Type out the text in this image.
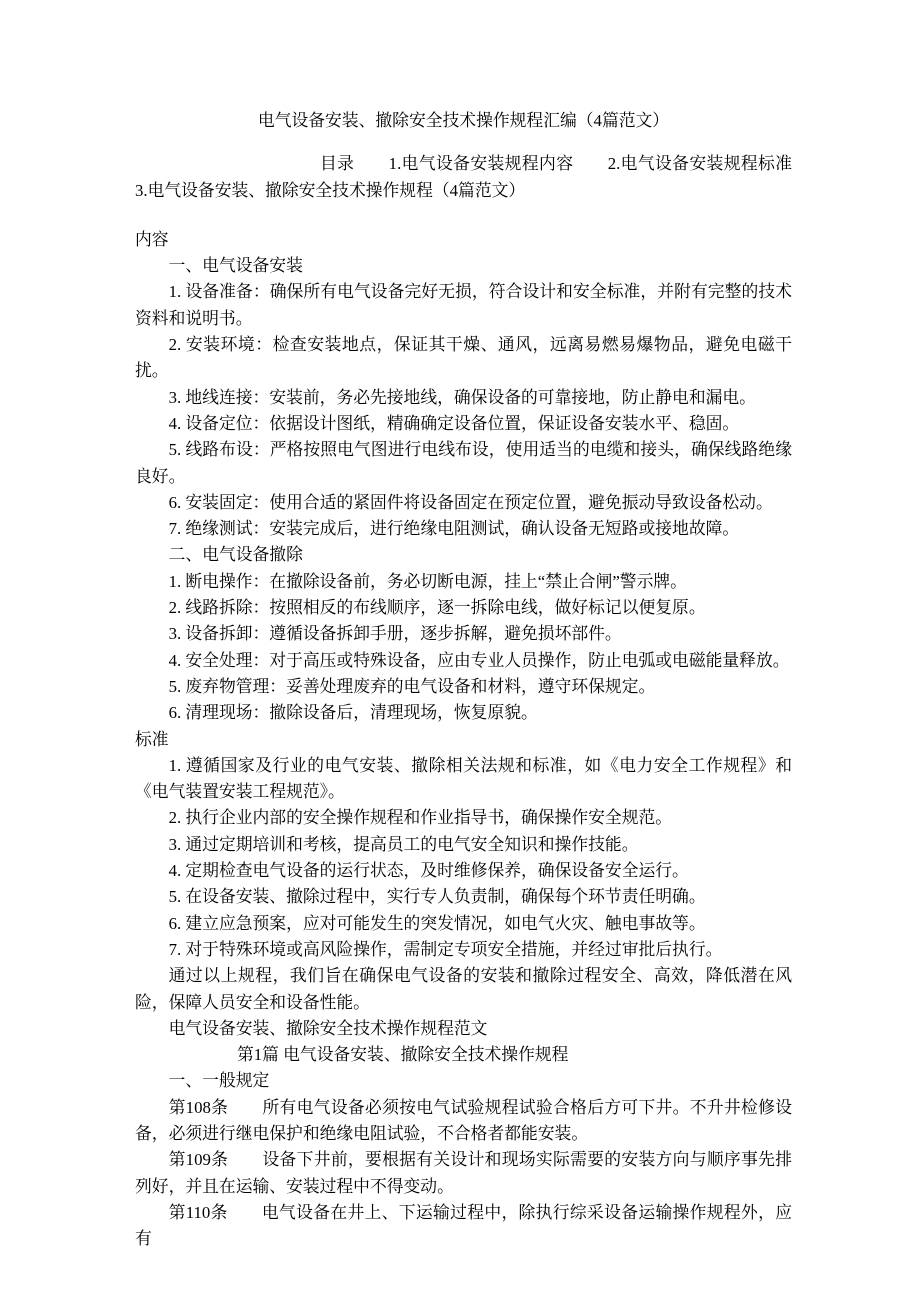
电气设备安装、撤除安全技术操作规程汇编（4篇范文）

目录　　1.电气设备安装规程内容　　2.电气设备安装规程标准 3.电气设备安装、撤除安全技术操作规程（4篇范文）

内容

一、电气设备安装

1. 设备准备：确保所有电气设备完好无损，符合设计和安全标准，并附有完整的技术资料和说明书。

2. 安装环境：检查安装地点，保证其干燥、通风，远离易燃易爆物品，避免电磁干扰。

3. 地线连接：安装前，务必先接地线，确保设备的可靠接地，防止静电和漏电。

4. 设备定位：依据设计图纸，精确确定设备位置，保证设备安装水平、稳固。

5. 线路布设：严格按照电气图进行电线布设，使用适当的电缆和接头，确保线路绝缘良好。

6. 安装固定：使用合适的紧固件将设备固定在预定位置，避免振动导致设备松动。

7. 绝缘测试：安装完成后，进行绝缘电阻测试，确认设备无短路或接地故障。

二、电气设备撤除

1. 断电操作：在撤除设备前，务必切断电源，挂上“禁止合闸”警示牌。

2. 线路拆除：按照相反的布线顺序，逐一拆除电线，做好标记以便复原。

3. 设备拆卸：遵循设备拆卸手册，逐步拆解，避免损坏部件。

4. 安全处理：对于高压或特殊设备，应由专业人员操作，防止电弧或电磁能量释放。

5. 废弃物管理：妥善处理废弃的电气设备和材料，遵守环保规定。

6. 清理现场：撤除设备后，清理现场，恢复原貌。

标准

1. 遵循国家及行业的电气安装、撤除相关法规和标准，如《电力安全工作规程》和《电气装置安装工程规范》。

2. 执行企业内部的安全操作规程和作业指导书，确保操作安全规范。

3. 通过定期培训和考核，提高员工的电气安全知识和操作技能。

4. 定期检查电气设备的运行状态，及时维修保养，确保设备安全运行。

5. 在设备安装、撤除过程中，实行专人负责制，确保每个环节责任明确。

6. 建立应急预案，应对可能发生的突发情况，如电气火灾、触电事故等。

7. 对于特殊环境或高风险操作，需制定专项安全措施，并经过审批后执行。

通过以上规程，我们旨在确保电气设备的安装和撤除过程安全、高效，降低潜在风险，保障人员安全和设备性能。

电气设备安装、撤除安全技术操作规程范文

第1篇 电气设备安装、撤除安全技术操作规程

一、一般规定

第108条　　所有电气设备必须按电气试验规程试验合格后方可下井。不升井检修设备，必须进行继电保护和绝缘电阻试验，不合格者都能安装。

第109条　　设备下井前，要根据有关设计和现场实际需要的安装方向与顺序事先排列好，并且在运输、安装过程中不得变动。

第110条　　电气设备在井上、下运输过程中，除执行综采设备运输操作规程外，应有
